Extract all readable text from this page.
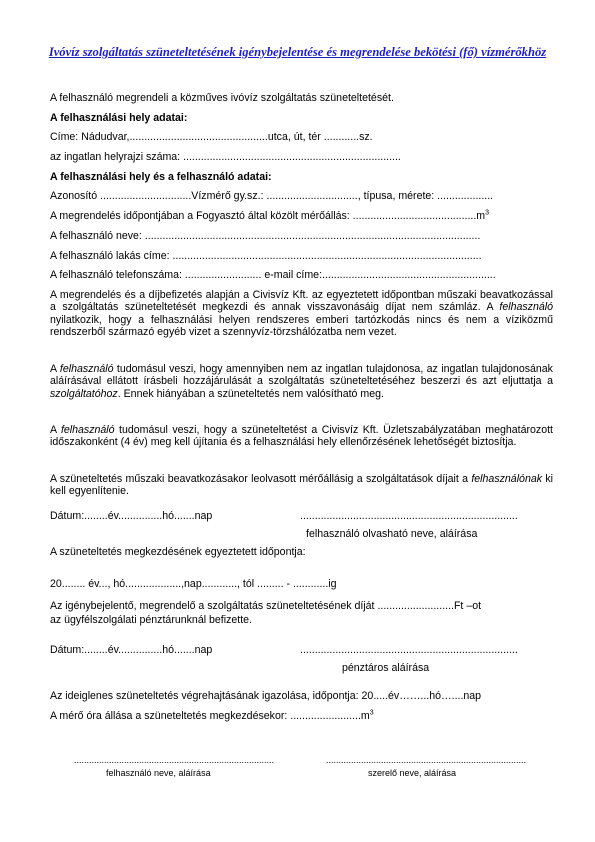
Ivóvíz szolgáltatás szüneteltetésének igénybejelentése és megrendelése bekötési (fő) vízmérőkhöz
A felhasználó megrendeli a közműves ivóvíz szolgáltatás szüneteltetését.
A felhasználási hely adatai:
Címe: Nádudvar,...............................................utca, út, tér ............sz.
az ingatlan helyrajzi száma: ..........................................................................
A felhasználási hely és a felhasználó adatai:
Azonosító ...............................Vízmérő gy.sz.: ..............................., típusa, mérete: ...................
A megrendelés időpontjában a Fogyasztó által közölt mérőállás: $..........................................m^3$
A felhasználó neve: ..................................................................................................................
A felhasználó lakás címe: .........................................................................................................
A felhasználó telefonszáma: .......................... e-mail címe:...........................................................
A megrendelés és a díjbefizetés alapján a Civisvíz Kft. az egyeztetett időpontban műszaki beavatkozással a szolgáltatás szüneteltetését megkezdi és annak visszavonásáig díjat nem számláz. A felhasználó nyilatkozik, hogy a felhasználási helyen rendszeres emberi tartózkodás nincs és nem a víziközmű rendszerből származó egyéb vizet a szennyvíz-törzshálózatba nem vezet.
A felhasználó tudomásul veszi, hogy amennyiben nem az ingatlan tulajdonosa, az ingatlan tulajdonosának aláírásával ellátott írásbeli hozzájárulását a szolgáltatás szüneteltetéséhez beszerzi és azt eljuttatja a szolgáltatóhoz. Ennek hiányában a szüneteltetés nem valósítható meg.
A felhasználó tudomásul veszi, hogy a szüneteltetést a Civisvíz Kft. Üzletszabályzatában meghatározott időszakonként (4 év) meg kell újítania és a felhasználási hely ellenőrzésének lehetőségét biztosítja.
A szüneteltetés műszaki beavatkozásakor leolvasott mérőállásig a szolgáltatások díjait a felhasználónak ki kell egyenlítenie.
Dátum:........év...............hó.......nap	..........................................................................
felhasználó olvasható neve, aláírása
A szüneteltetés megkezdésének egyeztetett időpontja:
20........ év..., hó...................,nap............, tól ......... - ............ig
Az igénybejelentő, megrendelő a szolgáltatás szüneteltetésének díját ..........................Ft –ot
az ügyfélszolgálati pénztárunknál befizette.
Dátum:........év...............hó.......nap	..........................................................................
pénztáros aláírása
Az ideiglenes szüneteltetés végrehajtásának igazolása, időpontja: 20.....év……...hó…....nap
A mérő óra állása a szüneteltetés megkezdésekor: $........................m^3$
................................................................................	................................................................................
felhasználó neve, aláírása	szerelő neve, aláírása
